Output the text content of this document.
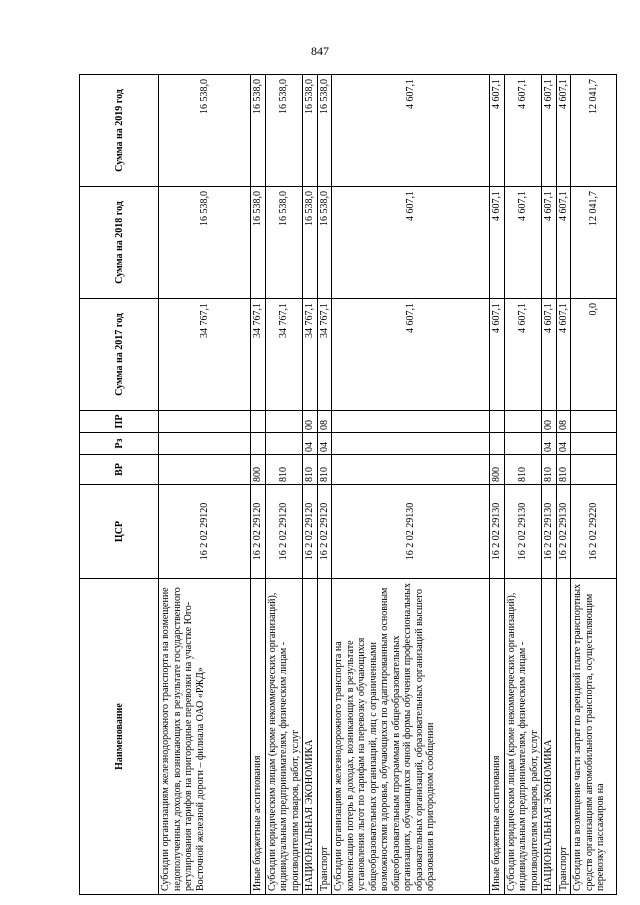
847
Наименование	ЦСР	ВР	Рз	ПР	Сумма на 2017 год	Сумма на 2018 год	Сумма на 2019 год
Субсидии организациям железнодорожного транспорта на возмещение недополученных доходов, возникающих в результате государственного регулирования тарифов на пригородные перевозки на участке Юго-Восточной железной дороги – филиала ОАО «РЖД»	16 2 02 29120				34 767,1	16 538,0	16 538,0
Иные бюджетные ассигнования	16 2 02 29120	800			34 767,1	16 538,0	16 538,0
Субсидии юридическим лицам (кроме некоммерческих организаций), индивидуальным предпринимателям, физическим лицам - производителям товаров, работ, услуг	16 2 02 29120	810			34 767,1	16 538,0	16 538,0
НАЦИОНАЛЬНАЯ ЭКОНОМИКА	16 2 02 29120	810	04	00	34 767,1	16 538,0	16 538,0
Транспорт	16 2 02 29120	810	04	08	34 767,1	16 538,0	16 538,0
Субсидии организациям железнодорожного транспорта на компенсацию потерь в доходах, возникающих в результате установления льгот по тарифам на перевозку обучающихся общеобразовательных организаций, лиц с ограниченными возможностями здоровья, обучающихся по адаптированным основным общеобразовательным программам в общеобразовательных организациях, обучающихся очной формы обучения профессиональных образовательных организаций, образовательных организаций высшего образования в пригородном сообщении	16 2 02 29130				4 607,1	4 607,1	4 607,1
Иные бюджетные ассигнования	16 2 02 29130	800			4 607,1	4 607,1	4 607,1
Субсидии юридическим лицам (кроме некоммерческих организаций), индивидуальным предпринимателям, физическим лицам - производителям товаров, работ, услуг	16 2 02 29130	810			4 607,1	4 607,1	4 607,1
НАЦИОНАЛЬНАЯ ЭКОНОМИКА	16 2 02 29130	810	04	00	4 607,1	4 607,1	4 607,1
Транспорт	16 2 02 29130	810	04	08	4 607,1	4 607,1	4 607,1
Субсидии на возмещение части затрат по арендной плате транспортных средств организациям автомобильного транспорта, осуществляющим перевозку пассажиров на	16 2 02 29220				0,0	12 041,7	12 041,7
